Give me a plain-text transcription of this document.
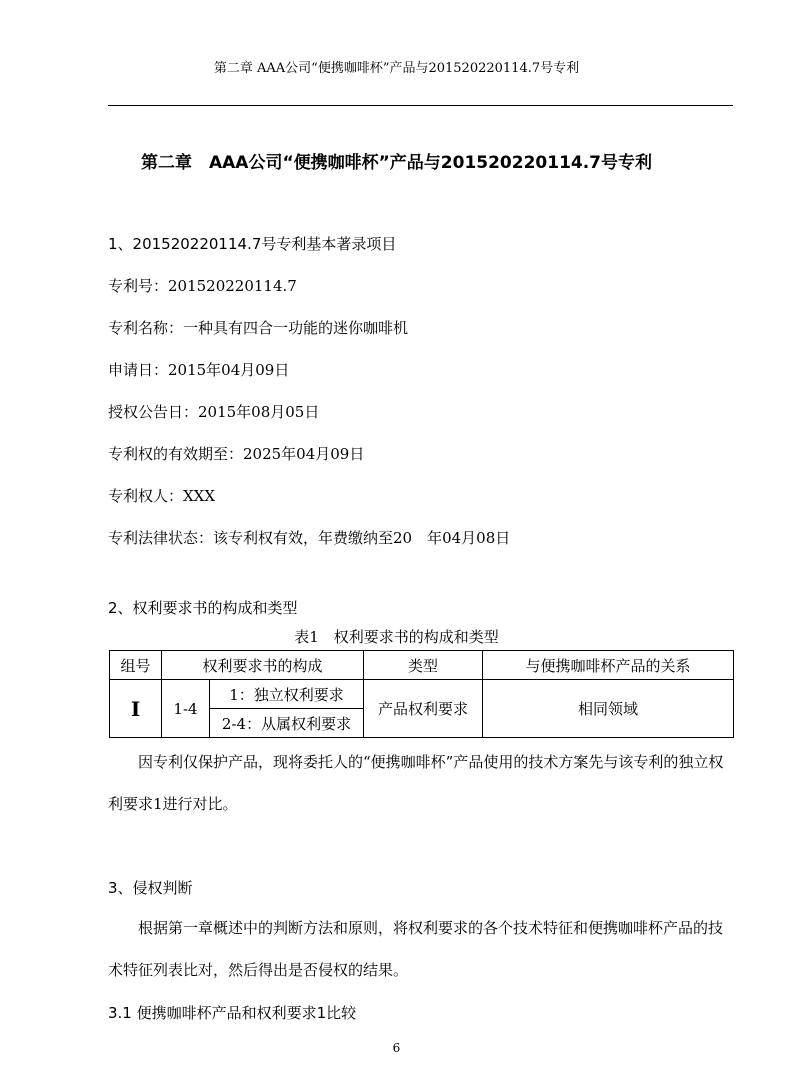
第二章 AAA公司“便携咖啡杯”产品与201520220114.7号专利
第二章　AAA公司“便携咖啡杯”产品与201520220114.7号专利
1、201520220114.7号专利基本著录项目
专利号：201520220114.7
专利名称：一种具有四合一功能的迷你咖啡机
申请日：2015年04月09日
授权公告日：2015年08月05日
专利权的有效期至：2025年04月09日
专利权人：XXX
专利法律状态：该专利权有效，年费缴纳至20　年04月08日
2、权利要求书的构成和类型
表1　权利要求书的构成和类型
组号	权利要求书的构成		类型	与便携咖啡杯产品的关系
I	1-4	1：独立权利要求	产品权利要求	相同领域
		2-4：从属权利要求		
因专利仅保护产品，现将委托人的“便携咖啡杯”产品使用的技术方案先与该专利的独立权利要求1进行对比。
3、侵权判断
根据第一章概述中的判断方法和原则，将权利要求的各个技术特征和便携咖啡杯产品的技术特征列表比对，然后得出是否侵权的结果。
3.1 便携咖啡杯产品和权利要求1比较
6
